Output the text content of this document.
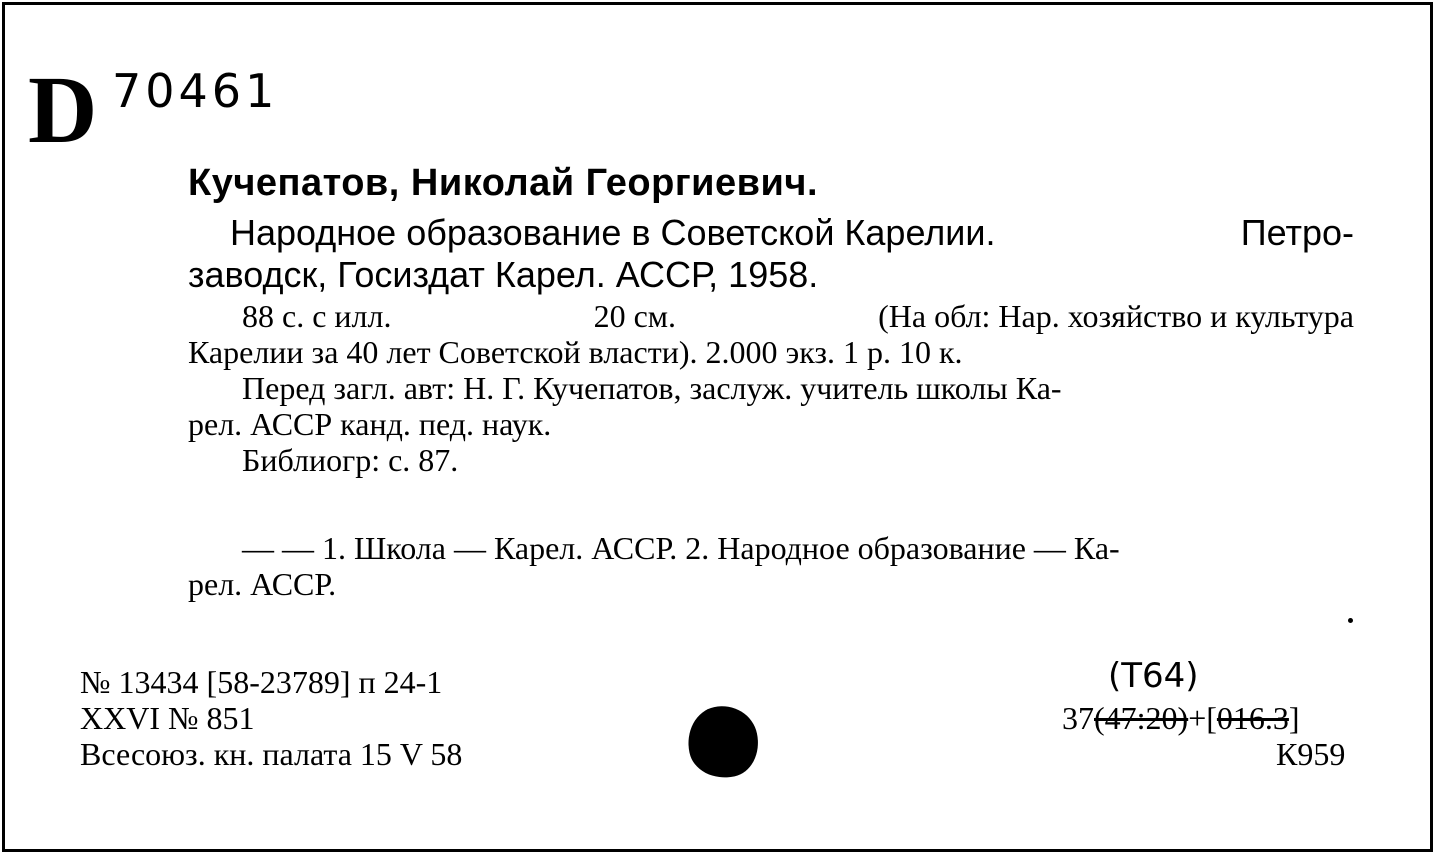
D 70461
Кучепатов, Николай Георгиевич.
Народное образование в Советской Карелии.	Петро-
заводск, Госиздат Карел. АССР, 1958.
88 с. с илл.	20 см.	(На обл: Нар. хозяйство и культура
Карелии за 40 лет Советской власти). 2.000 экз. 1 р. 10 к.
Перед загл. авт: Н. Г. Кучепатов, заслуж. учитель школы Ка-
рел. АССР канд. пед. наук.
Библиогр: с. 87.
— — 1. Школа — Карел. АССР. 2. Народное образование — Ка-
рел. АССР.
№ 13434 [58-23789] п 24-1
XXVI № 851
Всесоюз. кн. палата 15 V 58
(T64)
37(47:20)+[016.3]
К959
